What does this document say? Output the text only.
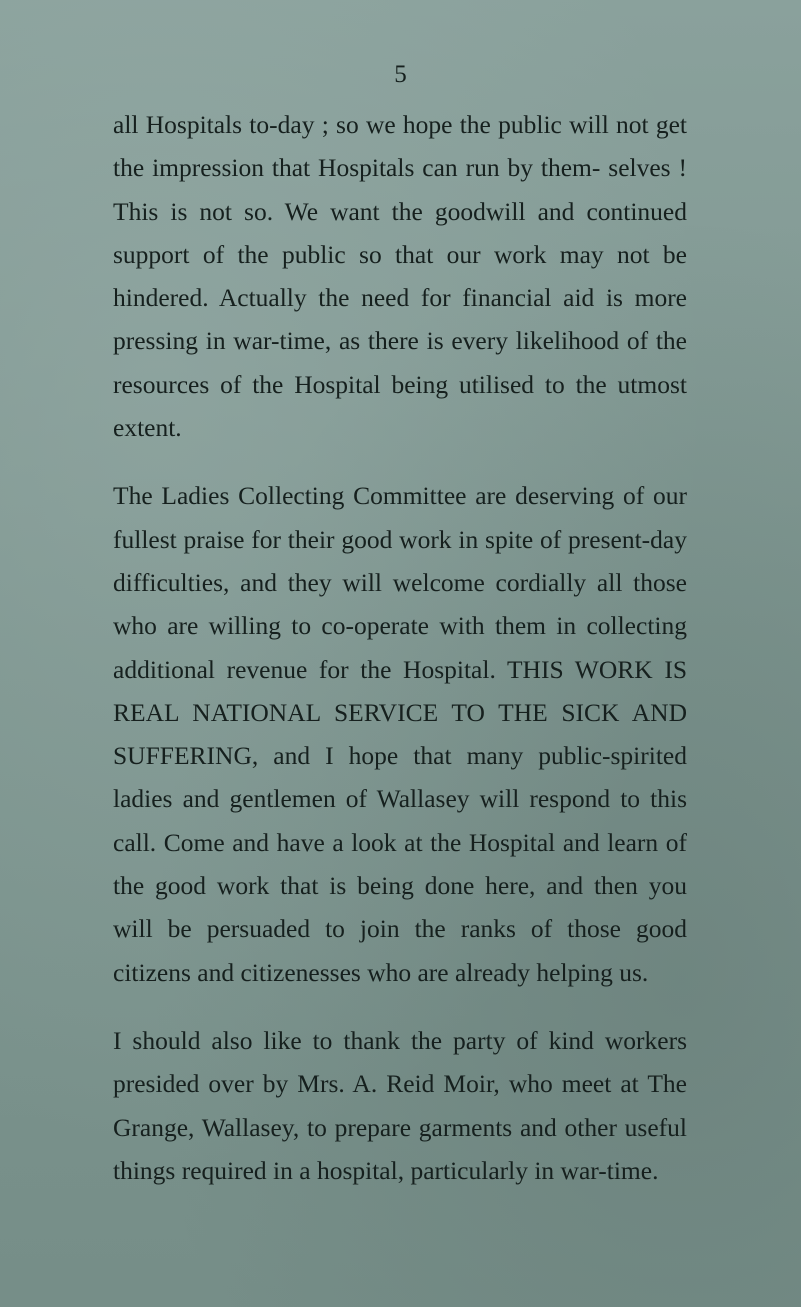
5

all Hospitals to-day ; so we hope the public will not get the impression that Hospitals can run by them- selves ! This is not so. We want the goodwill and continued support of the public so that our work may not be hindered. Actually the need for financial aid is more pressing in war-time, as there is every likelihood of the resources of the Hospital being utilised to the utmost extent.

The Ladies Collecting Committee are deserving of our fullest praise for their good work in spite of present-day difficulties, and they will welcome cordially all those who are willing to co-operate with them in collecting additional revenue for the Hospital. THIS WORK IS REAL NATIONAL SERVICE TO THE SICK AND SUFFERING, and I hope that many public-spirited ladies and gentlemen of Wallasey will respond to this call. Come and have a look at the Hospital and learn of the good work that is being done here, and then you will be persuaded to join the ranks of those good citizens and citizenesses who are already helping us.

I should also like to thank the party of kind workers presided over by Mrs. A. Reid Moir, who meet at The Grange, Wallasey, to prepare garments and other useful things required in a hospital, particularly in war-time.
